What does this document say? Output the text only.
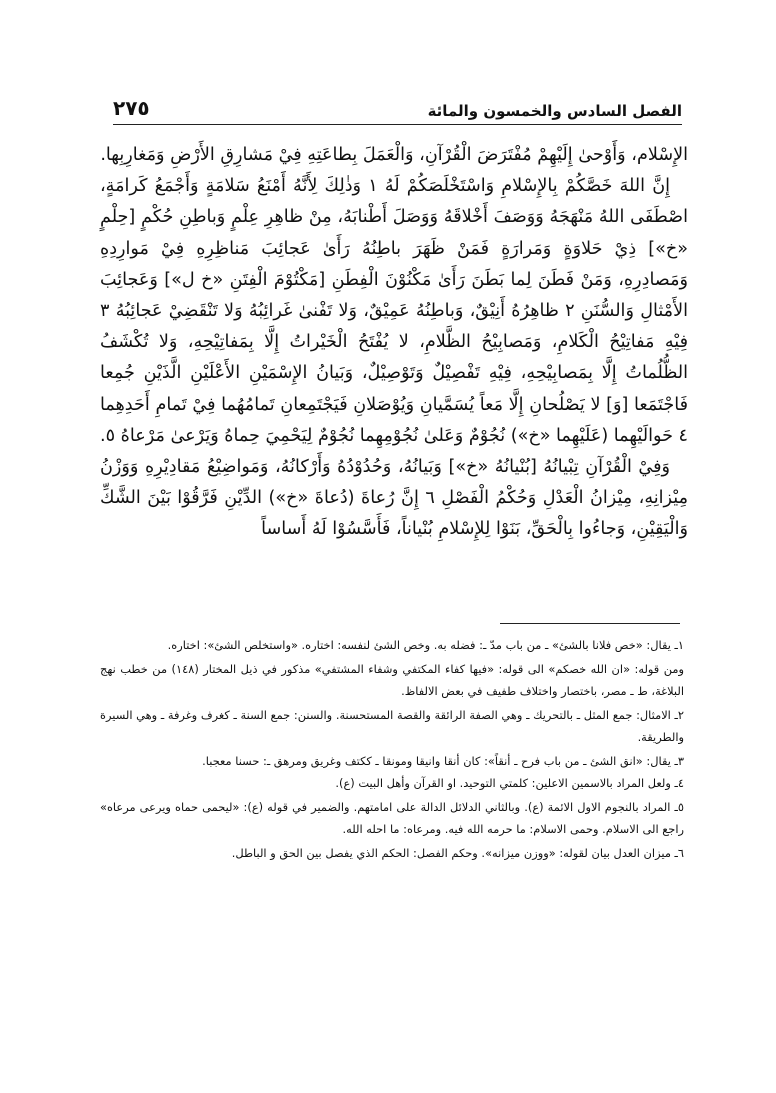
الفصل السادس والخمسون والمائة
٢٧٥

الإِسْلام، وَأَوْحىٰ إِلَيْهِمْ مُفْتَرَضَ الْقُرْآنِ، وَالْعَمَلَ بِطاعَتِهِ فِيْ مَشارِقِ الأَرْضِ وَمَغارِبِها.

إِنَّ اللهَ خَصَّكُمْ بِالإِسْلامِ وَاسْتَخْلَصَكُمْ لَهُ ١ وَذٰلِكَ لِأَنَّهُ أَمْنَعُ سَلامَةٍ وَأَجْمَعُ كَرامَةٍ، اصْطَفَى اللهُ مَنْهَجَهُ وَوَصَفَ أَخْلاقَهُ وَوَصَلَ أَطْنابَهُ، مِنْ ظاهِرِ عِلْمٍ وَباطِنِ حُكْمٍ [حِلْمٍ «خ»] ذِيْ حَلاوَةٍ وَمَرارَةٍ فَمَنْ ظَهَرَ باطِنُهُ رَأَىٰ عَجائِبَ مَناظِرِهِ فِيْ مَوارِدِهِ وَمَصادِرِهِ، وَمَنْ فَطَنَ لِما بَطَنَ رَأَىٰ مَكْنُوْنَ الْفِطَنِ [مَكْتُوْمَ الْفِتَنِ «خ ل»] وَعَجائِبَ الأَمْثالِ وَالسُّنَنِ ٢ ظاهِرُهُ أَنِيْقٌ، وَباطِنُهُ عَمِيْقٌ، وَلا تَفْنىٰ غَرائِبُهُ وَلا تَنْقَضِيْ عَجائِبُهُ ٣ فِيْهِ مَفاتِيْحُ الْكَلامِ، وَمَصابِيْحُ الظَّلامِ، لا يُفْتَحُ الْخَيْراتُ إِلَّا بِمَفاتِيْحِهِ، وَلا تُكْشَفُ الظُّلُماتُ إِلَّا بِمَصابِيْحِهِ، فِيْهِ تَفْصِيْلٌ وَتَوْصِيْلٌ، وَبَيانُ الإِسْمَيْنِ الأَعْلَيْنِ الَّذَيْنِ جُمِعا فَاجْتَمَعا [وَ] لا يَصْلُحانِ إِلَّا مَعاً يُسَمَّيانِ وَيُوْصَلانِ فَيَجْتَمِعانِ تَمامُهُما فِيْ تَمامِ أَحَدِهِما ٤ حَوالَيْهِما (عَلَيْهِما «خ») نُجُوْمٌ وَعَلىٰ نُجُوْمِهِما نُجُوْمٌ لِيَحْمِيَ حِماهُ وَيَرْعىٰ مَرْعاهُ ٥.

وَفِيْ الْقُرْآنِ تِبْيانُهُ [بُنْيانُهُ «خ»] وَبَيانُهُ، وَحُدُوْدُهُ وَأَرْكانُهُ، وَمَواضِيْعُ مَقادِيْرِهِ وَوَزْنُ مِيْزانِهِ، مِيْزانُ الْعَدْلِ وَحُكْمُ الْفَصْلِ ٦ إِنَّ رُعاةَ (دُعاةَ «خ») الدِّيْنِ فَرَّقُوْا بَيْنَ الشَّكِّ وَالْيَقِيْنِ، وَجاءُوا بِالْحَقِّ، بَنَوْا لِلإِسْلامِ بُنْياناً، فَأَسَّسُوْا لَهُ أَساساً

١ـ يقال: «خص فلانا بالشئ» ـ من باب مدّ ـ: فضله به. وخص الشئ لنفسه: اختاره. «واستخلص الشئ»: اختاره.

ومن قوله: «ان الله خصكم» الى قوله: «فيها كفاء المكتفي وشفاء المشتفي» مذكور في ذيل المختار (١٤٨) من خطب نهج البلاغة، ط ـ مصر، باختصار واختلاف طفيف في بعض الالفاظ.

٢ـ الامثال: جمع المثل ـ بالتحريك ـ وهي الصفة الرائقة والقصة المستحسنة. والسنن: جمع السنة ـ كغرف وغرفة ـ وهي السيرة والطريقة.

٣ـ يقال: «انق الشئ ـ من باب فرح ـ أنقاً»: كان أنقا وانيقا ومونقا ـ ككتف وغريق ومرهق ـ: حسنا معجبا.

٤ـ ولعل المراد بالاسمين الاعلين: كلمتي التوحيد. او القرآن وأهل البيت (ع).

٥ـ المراد بالنجوم الاول الائمة (ع). وبالثاني الدلائل الدالة على امامتهم. والضمير في قوله (ع): «ليحمى حماه ويرعى مرعاه» راجع الى الاسلام. وحمى الاسلام: ما حرمه الله فيه. ومرعاه: ما احله الله.

٦ـ ميزان العدل بيان لقوله: «ووزن ميزانه». وحكم الفصل: الحكم الذي يفصل بين الحق و الباطل.
